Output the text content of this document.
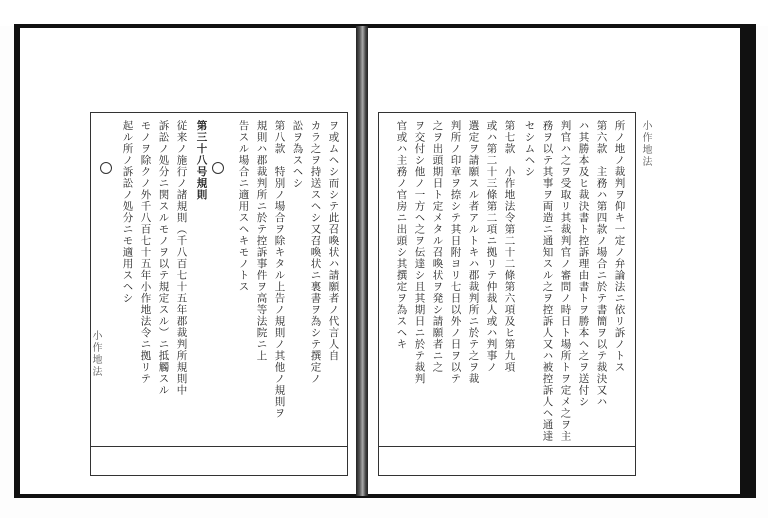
ヲ或ムヘシ而シテ此召喚状ハ請願者ノ代言人自
カラ之ヲ持送スヘシ又召喚状ニ裏書ヲ為シテ撰定ノ
訟ヲ為スヘシ
第八款　特別ノ場合ヲ除キタル上告ノ規則ノ其他ノ規則ヲ
規則ハ郡裁判所ニ於テ控訴事件ヲ高等法院ニ上
告スル場合ニ適用スヘキモノトス
第三十八号規則
従来ノ施行ノ諸規則（千八百七十五年郡裁判所規則中
訴訟ノ処分ニ関スルモノヲ以テ規定スル）ニ抵觸スル
モノヲ除クノ外千八百七十五年小作地法令ニ拠リテ
起ル所ノ訴訟ノ処分ニモ適用スヘシ
小作地法	所ノ地ノ裁判ヲ仰キ一定ノ弁論法ニ依リ訴ノトス
第六款　主務ハ第四款ノ場合ニ於テ書簡ヲ以テ裁決又ハ
ハ其勝本及ヒ裁決書ト控訴理由書トヲ勝本ヘ之ヲ送付シ
判官ハ之ヲ受取リ其裁判官ノ審問ノ時日ト場所トヲ定メ之ヲ主
務ヲ以テ其事ヲ両造ニ通知スル之ヲ控訴人又ハ被控訴人ヘ通達
セシムヘシ
第七款　小作地法令第二十二條第六項及ヒ第九項
或ハ第二十三條第二項ニ拠リテ仲裁人或ハ判事ノ
選定ヲ請願スル者アルトキハ郡裁判所ニ於テ之ヲ裁
判所ノ印章ヲ捺シテ其日附ヨリ七日以外ノ日ヲ以テ
之ヲ出頭期日ト定メタル召喚状ヲ発シ請願者ニ之
ヲ交付シ他ノ一方ヘ之ヲ伝達シ且其期日ニ於テ裁判
官或ハ主務ノ官房ニ出頭シ其撰定ヲ為スヘキ	小作地法
